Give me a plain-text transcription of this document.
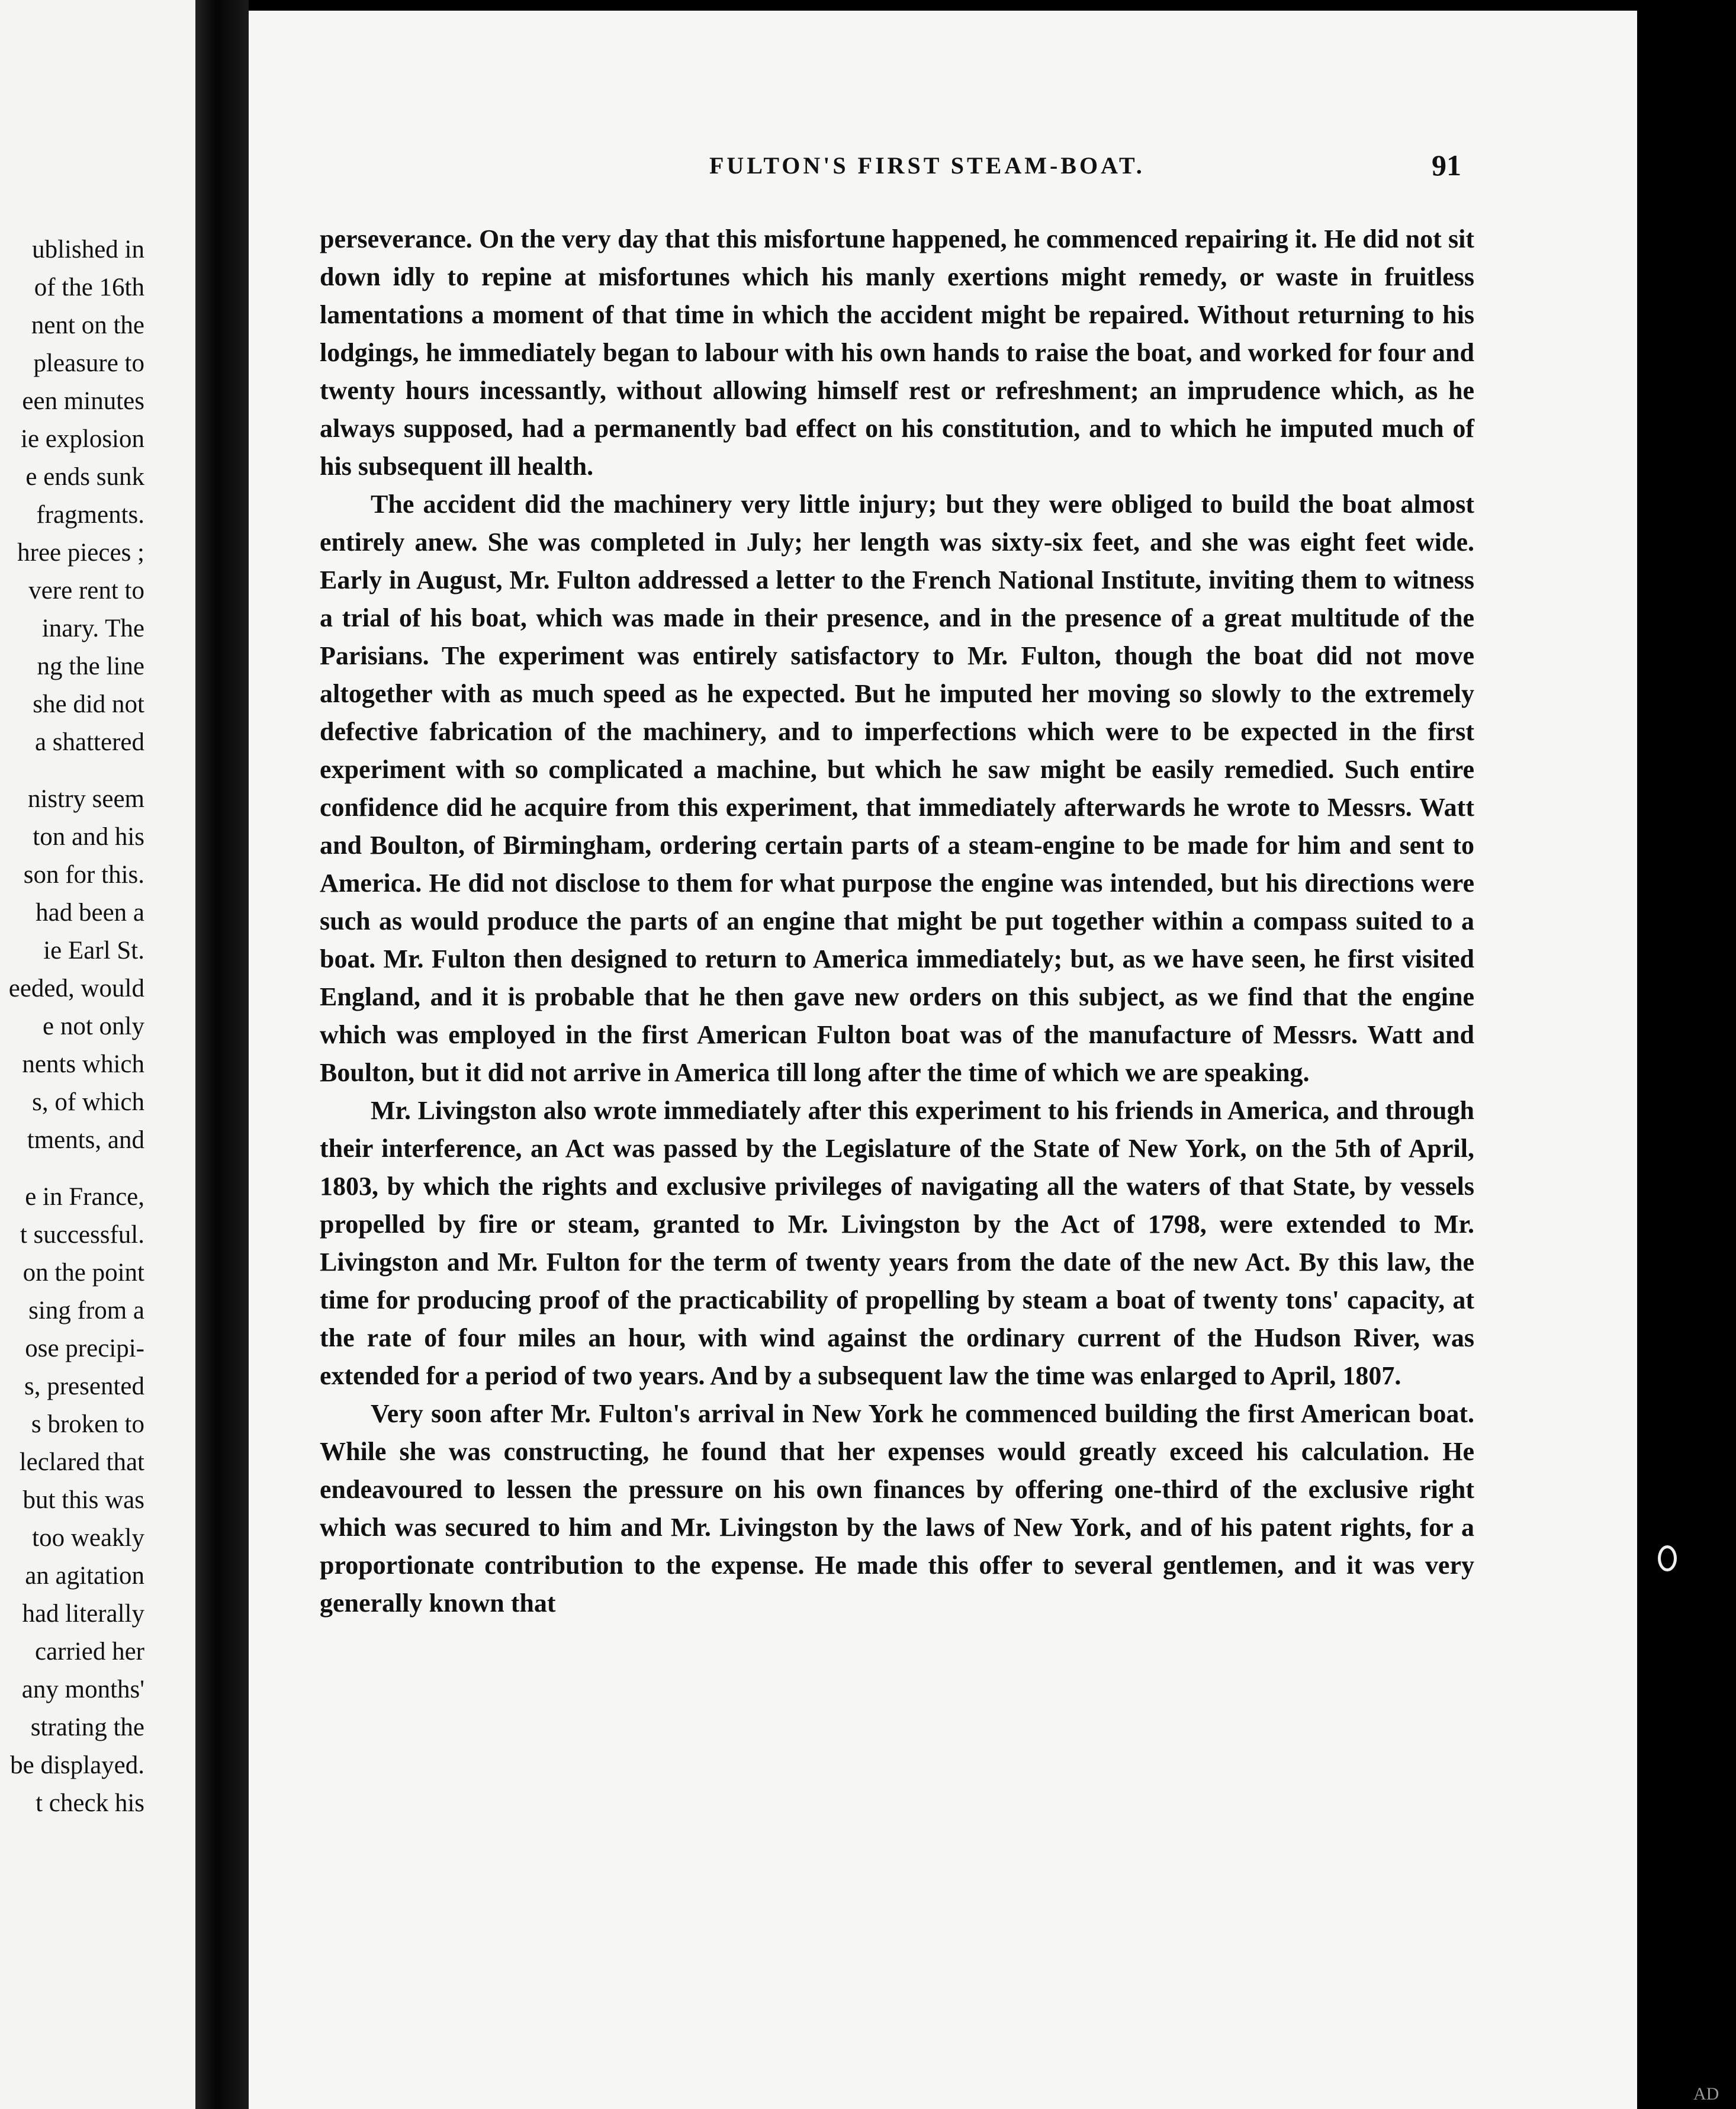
ublished in
of the 16th
nent on the
pleasure to
een minutes
ie explosion
e ends sunk
fragments.
hree pieces ;
vere rent to
inary. The
ng the line
she did not
a shattered
nistry seem
ton and his
son for this.
had been a
ie Earl St.
eeded, would
e not only
nents which
s, of which
tments, and
e in France,
t successful.
on the point
sing from a
ose precipi-
s, presented
s broken to
leclared that
but this was
too weakly
an agitation
had literally
carried her
any months'
strating the
be displayed.
t check his
FULTON'S FIRST STEAM-BOAT.	91

perseverance. On the very day that this misfortune happened, he commenced repairing it. He did not sit down idly to repine at misfortunes which his manly exertions might remedy, or waste in fruitless lamentations a moment of that time in which the accident might be repaired. Without returning to his lodgings, he immediately began to labour with his own hands to raise the boat, and worked for four and twenty hours incessantly, without allowing himself rest or refreshment; an imprudence which, as he always supposed, had a permanently bad effect on his constitution, and to which he imputed much of his subsequent ill health.

The accident did the machinery very little injury; but they were obliged to build the boat almost entirely anew. She was completed in July; her length was sixty-six feet, and she was eight feet wide. Early in August, Mr. Fulton addressed a letter to the French National Institute, inviting them to witness a trial of his boat, which was made in their presence, and in the presence of a great multitude of the Parisians. The experiment was entirely satisfactory to Mr. Fulton, though the boat did not move altogether with as much speed as he expected. But he imputed her moving so slowly to the extremely defective fabrication of the machinery, and to imperfections which were to be expected in the first experiment with so complicated a machine, but which he saw might be easily remedied. Such entire confidence did he acquire from this experiment, that immediately afterwards he wrote to Messrs. Watt and Boulton, of Birmingham, ordering certain parts of a steam-engine to be made for him and sent to America. He did not disclose to them for what purpose the engine was intended, but his directions were such as would produce the parts of an engine that might be put together within a compass suited to a boat. Mr. Fulton then designed to return to America immediately; but, as we have seen, he first visited England, and it is probable that he then gave new orders on this subject, as we find that the engine which was employed in the first American Fulton boat was of the manufacture of Messrs. Watt and Boulton, but it did not arrive in America till long after the time of which we are speaking.

Mr. Livingston also wrote immediately after this experiment to his friends in America, and through their interference, an Act was passed by the Legislature of the State of New York, on the 5th of April, 1803, by which the rights and exclusive privileges of navigating all the waters of that State, by vessels propelled by fire or steam, granted to Mr. Livingston by the Act of 1798, were extended to Mr. Livingston and Mr. Fulton for the term of twenty years from the date of the new Act. By this law, the time for producing proof of the practicability of propelling by steam a boat of twenty tons' capacity, at the rate of four miles an hour, with wind against the ordinary current of the Hudson River, was extended for a period of two years. And by a subsequent law the time was enlarged to April, 1807.

Very soon after Mr. Fulton's arrival in New York he commenced building the first American boat. While she was constructing, he found that her expenses would greatly exceed his calculation. He endeavoured to lessen the pressure on his own finances by offering one-third of the exclusive right which was secured to him and Mr. Livingston by the laws of New York, and of his patent rights, for a proportionate contribution to the expense. He made this offer to several gentlemen, and it was very generally known that

AD
